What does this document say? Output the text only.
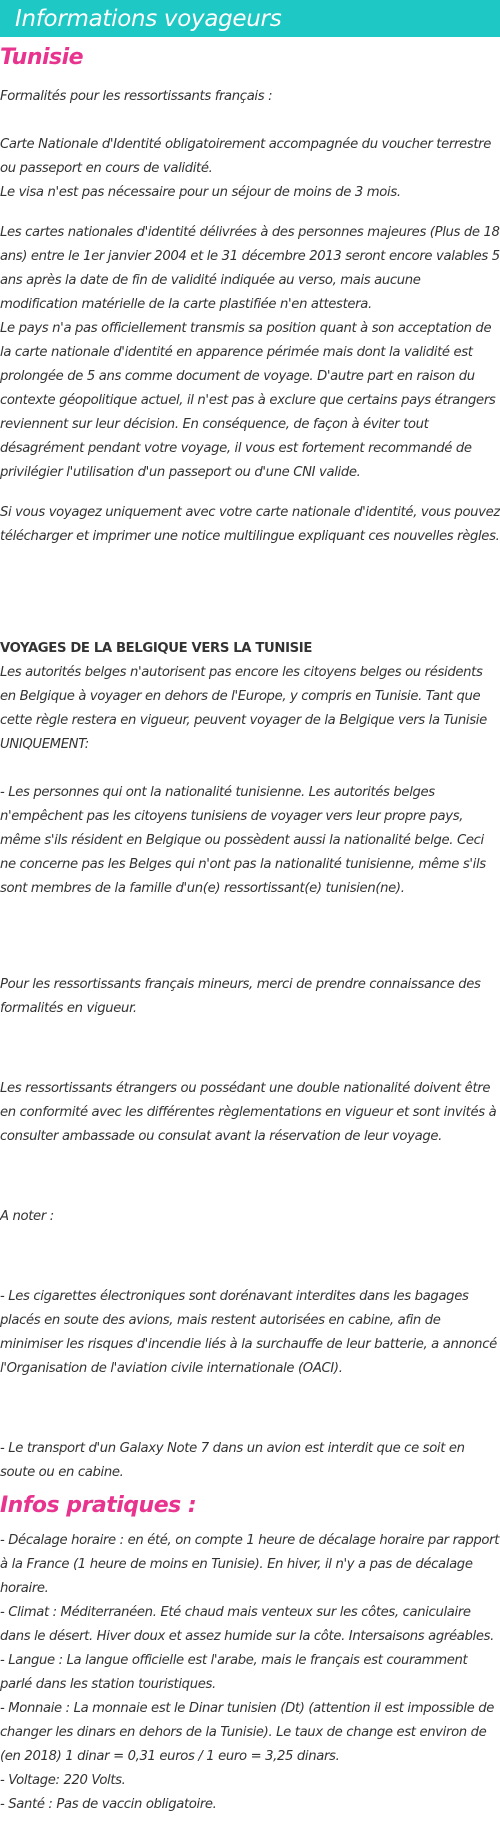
Informations voyageurs
Tunisie

Formalités pour les ressortissants français :

Carte Nationale d'Identité obligatoirement accompagnée du voucher terrestre ou passeport en cours de validité.

Le visa n'est pas nécessaire pour un séjour de moins de 3 mois.

Les cartes nationales d'identité délivrées à des personnes majeures (Plus de 18 ans) entre le 1er janvier 2004 et le 31 décembre 2013 seront encore valables 5 ans après la date de fin de validité indiquée au verso, mais aucune modification matérielle de la carte plastifiée n'en attestera.

Le pays n'a pas officiellement transmis sa position quant à son acceptation de la carte nationale d'identité en apparence périmée mais dont la validité est prolongée de 5 ans comme document de voyage. D'autre part en raison du contexte géopolitique actuel, il n'est pas à exclure que certains pays étrangers reviennent sur leur décision. En conséquence, de façon à éviter tout désagrément pendant votre voyage, il vous est fortement recommandé de privilégier l'utilisation d'un passeport ou d'une CNI valide.

Si vous voyagez uniquement avec votre carte nationale d'identité, vous pouvez télécharger et imprimer une notice multilingue expliquant ces nouvelles règles.

VOYAGES DE LA BELGIQUE VERS LA TUNISIE

Les autorités belges n'autorisent pas encore les citoyens belges ou résidents en Belgique à voyager en dehors de l'Europe, y compris en Tunisie. Tant que cette règle restera en vigueur, peuvent voyager de la Belgique vers la Tunisie UNIQUEMENT:

- Les personnes qui ont la nationalité tunisienne. Les autorités belges n'empêchent pas les citoyens tunisiens de voyager vers leur propre pays, même s'ils résident en Belgique ou possèdent aussi la nationalité belge. Ceci ne concerne pas les Belges qui n'ont pas la nationalité tunisienne, même s'ils sont membres de la famille d'un(e) ressortissant(e) tunisien(ne).

Pour les ressortissants français mineurs, merci de prendre connaissance des formalités en vigueur.

Les ressortissants étrangers ou possédant une double nationalité doivent être en conformité avec les différentes règlementations en vigueur et sont invités à consulter ambassade ou consulat avant la réservation de leur voyage.

A noter :

- Les cigarettes électroniques sont dorénavant interdites dans les bagages placés en soute des avions, mais restent autorisées en cabine, afin de minimiser les risques d'incendie liés à la surchauffe de leur batterie, a annoncé l'Organisation de l'aviation civile internationale (OACI).

- Le transport d'un Galaxy Note 7 dans un avion est interdit que ce soit en soute ou en cabine.

Infos pratiques :

- Décalage horaire : en été, on compte 1 heure de décalage horaire par rapport à la France (1 heure de moins en Tunisie). En hiver, il n'y a pas de décalage horaire.

- Climat : Méditerranéen. Eté chaud mais venteux sur les côtes, caniculaire dans le désert. Hiver doux et assez humide sur la côte. Intersaisons agréables.

- Langue : La langue officielle est l'arabe, mais le français est couramment parlé dans les station touristiques.

- Monnaie : La monnaie est le Dinar tunisien (Dt) (attention il est impossible de changer les dinars en dehors de la Tunisie). Le taux de change est environ de (en 2018) 1 dinar = 0,31 euros / 1 euro = 3,25 dinars.

- Voltage: 220 Volts.

- Santé : Pas de vaccin obligatoire.
